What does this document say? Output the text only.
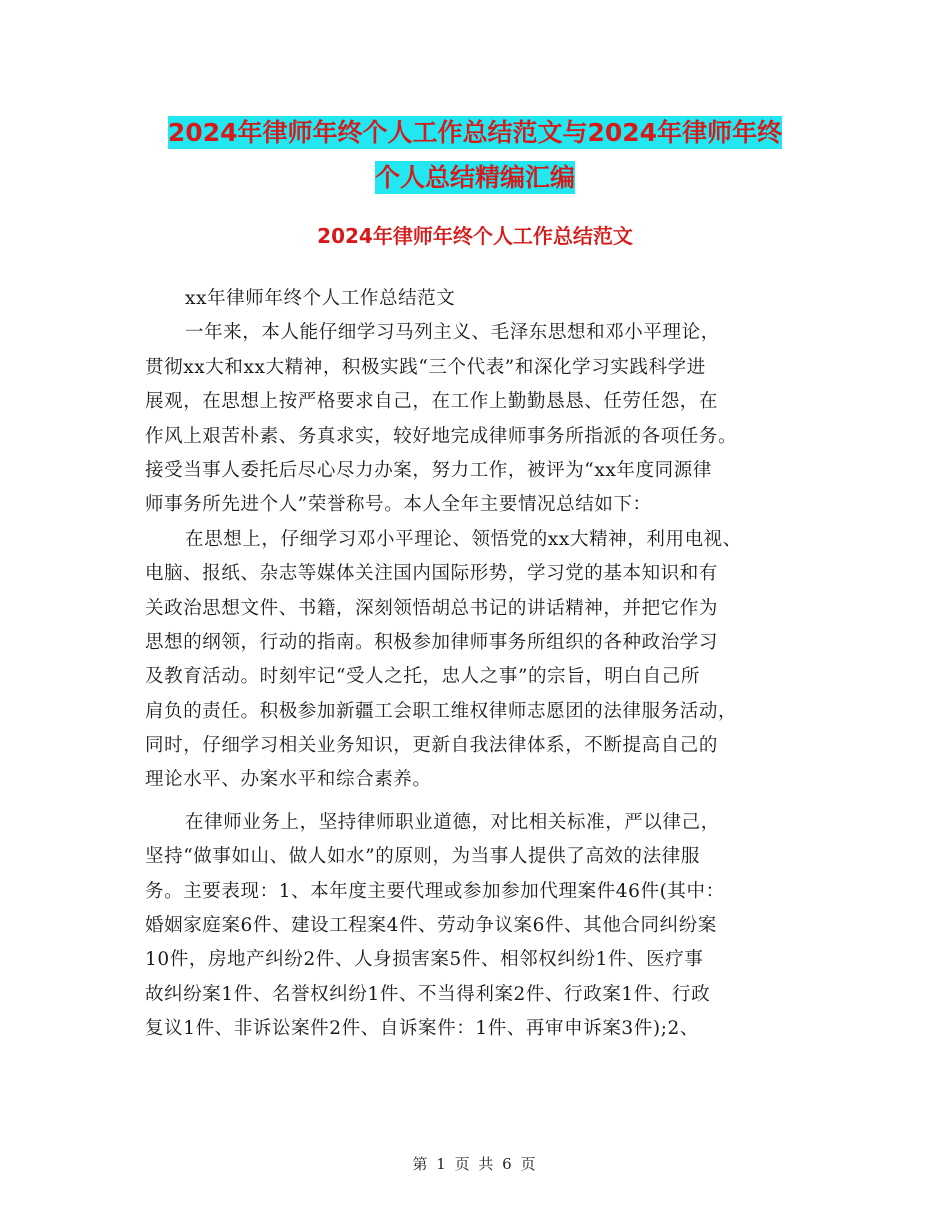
2024年律师年终个人工作总结范文与2024年律师年终
个人总结精编汇编
2024年律师年终个人工作总结范文
xx年律师年终个人工作总结范文
一年来，本人能仔细学习马列主义、毛泽东思想和邓小平理论，
贯彻xx大和xx大精神，积极实践“三个代表”和深化学习实践科学进
展观，在思想上按严格要求自己，在工作上勤勤恳恳、任劳任怨，在
作风上艰苦朴素、务真求实，较好地完成律师事务所指派的各项任务。
接受当事人委托后尽心尽力办案，努力工作，被评为“xx年度同源律
师事务所先进个人”荣誉称号。本人全年主要情况总结如下：
在思想上，仔细学习邓小平理论、领悟党的xx大精神，利用电视、
电脑、报纸、杂志等媒体关注国内国际形势，学习党的基本知识和有
关政治思想文件、书籍，深刻领悟胡总书记的讲话精神，并把它作为
思想的纲领，行动的指南。积极参加律师事务所组织的各种政治学习
及教育活动。时刻牢记“受人之托，忠人之事”的宗旨，明白自己所
肩负的责任。积极参加新疆工会职工维权律师志愿团的法律服务活动，
同时，仔细学习相关业务知识，更新自我法律体系，不断提高自己的
理论水平、办案水平和综合素养。
在律师业务上，坚持律师职业道德，对比相关标准，严以律己，
坚持“做事如山、做人如水”的原则，为当事人提供了高效的法律服
务。主要表现：1、本年度主要代理或参加参加代理案件46件(其中：
婚姻家庭案6件、建设工程案4件、劳动争议案6件、其他合同纠纷案
10件，房地产纠纷2件、人身损害案5件、相邻权纠纷1件、医疗事
故纠纷案1件、名誉权纠纷1件、不当得利案2件、行政案1件、行政
复议1件、非诉讼案件2件、自诉案件：1件、再审申诉案3件);2、
第 1 页 共 6 页
